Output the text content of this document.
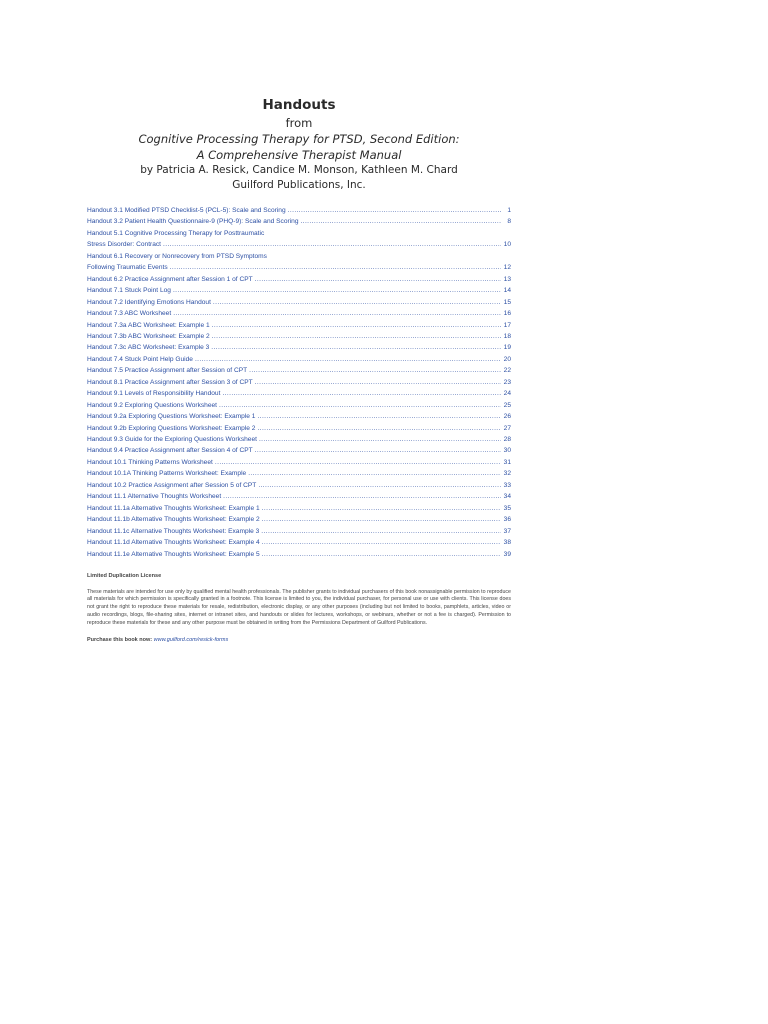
Handouts
from
Cognitive Processing Therapy for PTSD, Second Edition:
A Comprehensive Therapist Manual
by Patricia A. Resick, Candice M. Monson, Kathleen M. Chard
Guilford Publications, Inc.
Handout 3.1 Modified PTSD Checklist-5 (PCL-5): Scale and Scoring .....	1
Handout 3.2 Patient Health Questionnaire-9 (PHQ-9): Scale and Scoring .....	8
Handout 5.1 Cognitive Processing Therapy for Posttraumatic
Stress Disorder: Contract .....	10
Handout 6.1 Recovery or Nonrecovery from PTSD Symptoms
Following Traumatic Events .....	12
Handout 6.2 Practice Assignment after Session 1 of CPT .....	13
Handout 7.1 Stuck Point Log .....	14
Handout 7.2 Identifying Emotions Handout .....	15
Handout 7.3 ABC Worksheet .....	16
Handout 7.3a ABC Worksheet: Example 1 .....	17
Handout 7.3b ABC Worksheet: Example 2 .....	18
Handout 7.3c ABC Worksheet: Example 3 .....	19
Handout 7.4 Stuck Point Help Guide .....	20
Handout 7.5 Practice Assignment after Session of CPT .....	22
Handout 8.1 Practice Assignment after Session 3 of CPT .....	23
Handout 9.1 Levels of Responsibility Handout .....	24
Handout 9.2 Exploring Questions Worksheet .....	25
Handout 9.2a Exploring Questions Worksheet: Example 1 .....	26
Handout 9.2b Exploring Questions Worksheet: Example 2 .....	27
Handout 9.3 Guide for the Exploring Questions Worksheet .....	28
Handout 9.4 Practice Assignment after Session 4 of CPT .....	30
Handout 10.1 Thinking Patterns Worksheet .....	31
Handout 10.1A Thinking Patterns Worksheet: Example .....	32
Handout 10.2 Practice Assignment after Session 5 of CPT .....	33
Handout 11.1 Alternative Thoughts Worksheet .....	34
Handout 11.1a Alternative Thoughts Worksheet: Example 1 .....	35
Handout 11.1b Alternative Thoughts Worksheet: Example 2 .....	36
Handout 11.1c Alternative Thoughts Worksheet: Example 3 .....	37
Handout 11.1d Alternative Thoughts Worksheet: Example 4 .....	38
Handout 11.1e Alternative Thoughts Worksheet: Example 5 .....	39
Limited Duplication License
These materials are intended for use only by qualified mental health professionals. The publisher grants to individual purchasers of this book nonassignable permission to reproduce all materials for which permission is specifically granted in a footnote. This license is limited to you, the individual purchaser, for personal use or use with clients. This license does not grant the right to reproduce these materials for resale, redistribution, electronic display, or any other purposes (including but not limited to books, pamphlets, articles, video or audio recordings, blogs, file-sharing sites, internet or intranet sites, and handouts or slides for lectures, workshops, or webinars, whether or not a fee is charged). Permission to reproduce these materials for these and any other purpose must be obtained in writing from the Permissions Department of Guilford Publications.
Purchase this book now: www.guilford.com/resick-forms
